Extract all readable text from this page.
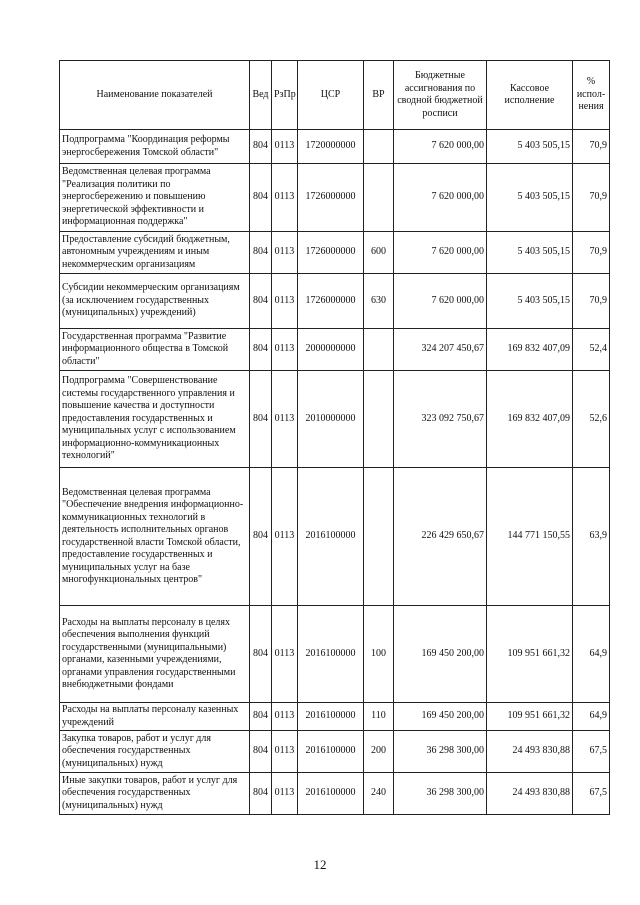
Наименование показателей	Вед	РзПр	ЦСР	ВР	Бюджетные ассигнования по сводной бюджетной росписи	Кассовое исполнение	% испол-нения
Подпрограмма "Координация реформы энергосбережения Томской области"	804	0113	1720000000		7 620 000,00	5 403 505,15	70,9
Ведомственная целевая программа "Реализация политики по энергосбережению и повышению энергетической эффективности и информационная поддержка"	804	0113	1726000000		7 620 000,00	5 403 505,15	70,9
Предоставление субсидий бюджетным, автономным учреждениям и иным некоммерческим организациям	804	0113	1726000000	600	7 620 000,00	5 403 505,15	70,9
Субсидии некоммерческим организациям (за исключением государственных (муниципальных) учреждений)	804	0113	1726000000	630	7 620 000,00	5 403 505,15	70,9
Государственная программа "Развитие информационного общества в Томской области"	804	0113	2000000000		324 207 450,67	169 832 407,09	52,4
Подпрограмма "Совершенствование системы государственного управления и повышение качества и доступности предоставления государственных и муниципальных услуг с использованием информационно-коммуникационных технологий"	804	0113	2010000000		323 092 750,67	169 832 407,09	52,6
Ведомственная целевая программа "Обеспечение внедрения информационно-коммуникационных технологий в деятельность исполнительных органов государственной власти Томской области, предоставление государственных и муниципальных услуг на базе многофункциональных центров"	804	0113	2016100000		226 429 650,67	144 771 150,55	63,9
Расходы на выплаты персоналу в целях обеспечения выполнения функций государственными (муниципальными) органами, казенными учреждениями, органами управления государственными внебюджетными фондами	804	0113	2016100000	100	169 450 200,00	109 951 661,32	64,9
Расходы на выплаты персоналу казенных учреждений	804	0113	2016100000	110	169 450 200,00	109 951 661,32	64,9
Закупка товаров, работ и услуг для обеспечения государственных (муниципальных) нужд	804	0113	2016100000	200	36 298 300,00	24 493 830,88	67,5
Иные закупки товаров, работ и услуг для обеспечения государственных (муниципальных) нужд	804	0113	2016100000	240	36 298 300,00	24 493 830,88	67,5
12
